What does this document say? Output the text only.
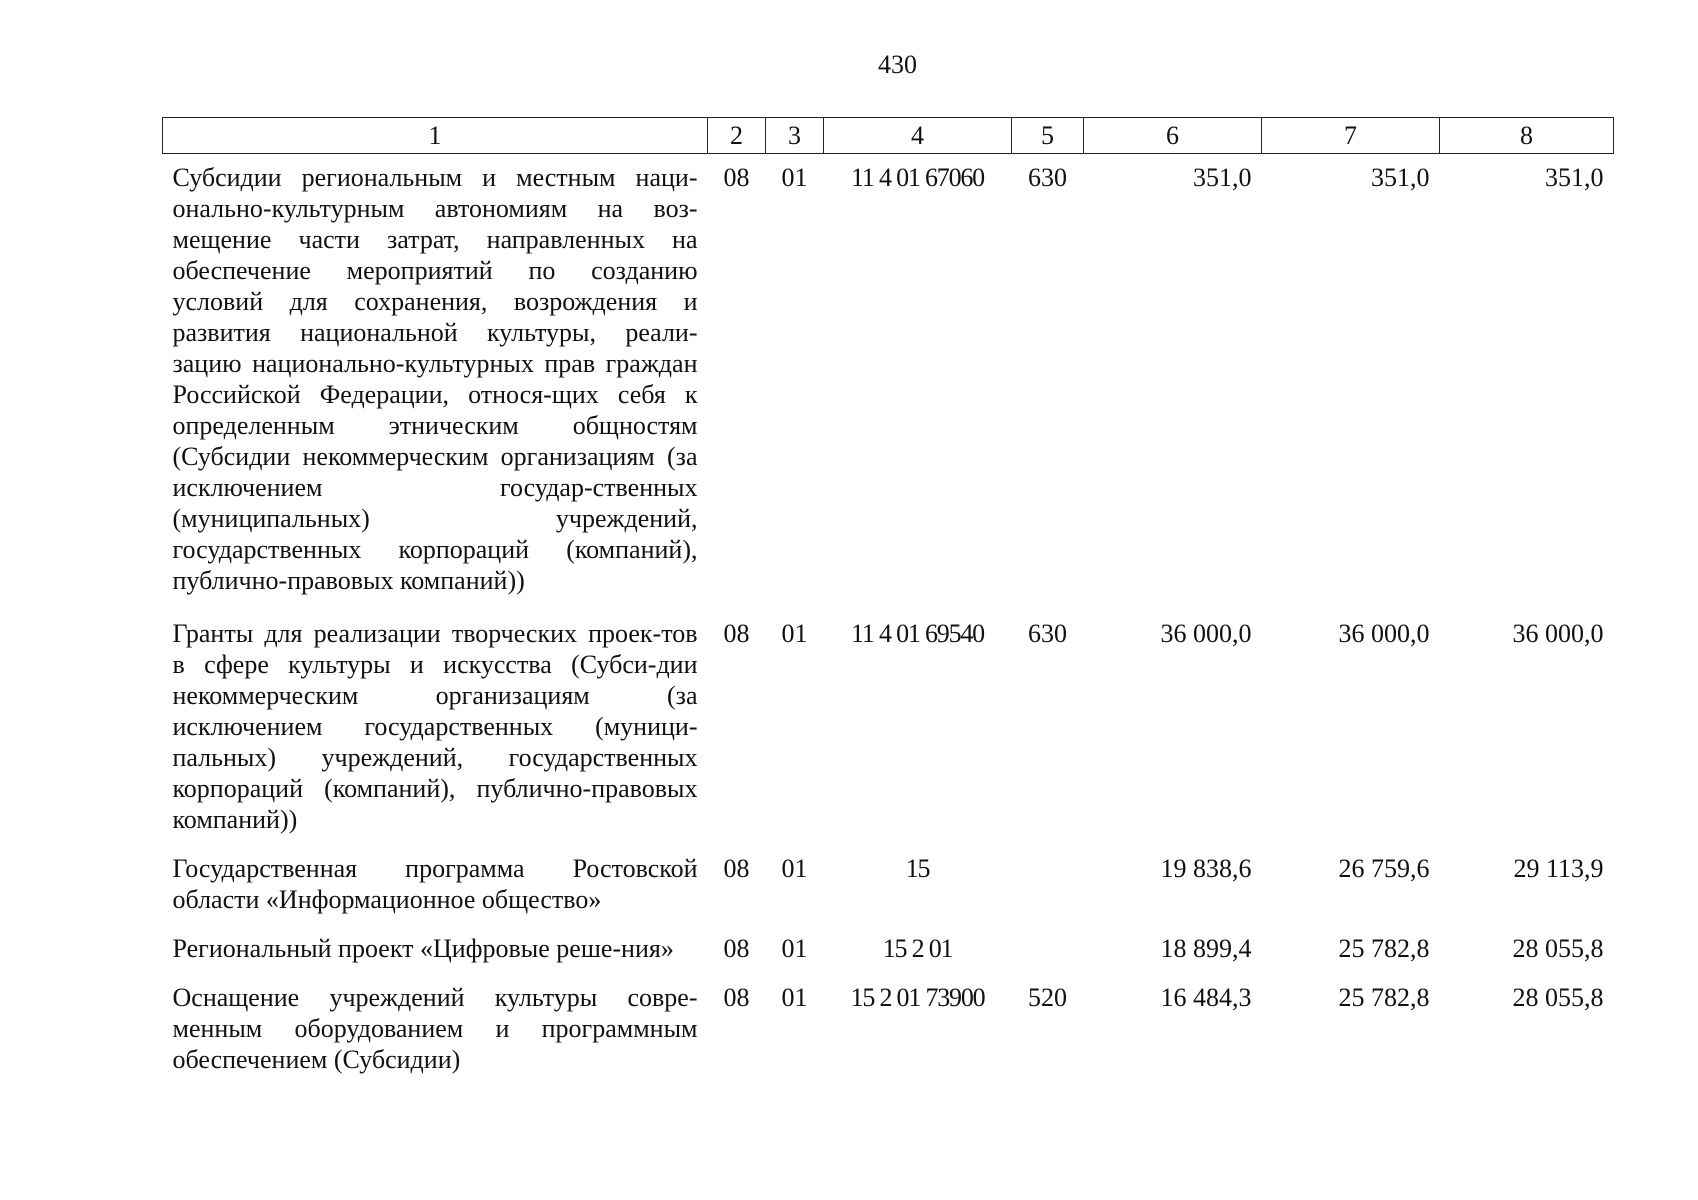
430
1	2	3	4	5	6	7	8
Субсидии региональным и местным наци-онально-культурным автономиям на воз-мещение части затрат, направленных на обеспечение мероприятий по созданию условий для сохранения, возрождения и развития национальной культуры, реали-зацию национально-культурных прав граждан Российской Федерации, относя-щих себя к определенным этническим общностям (Субсидии некоммерческим организациям (за исключением государ-ственных (муниципальных) учреждений, государственных корпораций (компаний), публично-правовых компаний))	08	01	11 4 01 67060	630	351,0	351,0	351,0
Гранты для реализации творческих проек-тов в сфере культуры и искусства (Субси-дии некоммерческим организациям (за исключением государственных (муници-пальных) учреждений, государственных корпораций (компаний), публично-правовых компаний))	08	01	11 4 01 69540	630	36 000,0	36 000,0	36 000,0
Государственная программа Ростовской области «Информационное общество»	08	01	15		19 838,6	26 759,6	29 113,9
Региональный проект «Цифровые реше-ния»	08	01	15 2 01		18 899,4	25 782,8	28 055,8
Оснащение учреждений культуры совре-менным оборудованием и программным обеспечением (Субсидии)	08	01	15 2 01 73900	520	16 484,3	25 782,8	28 055,8
